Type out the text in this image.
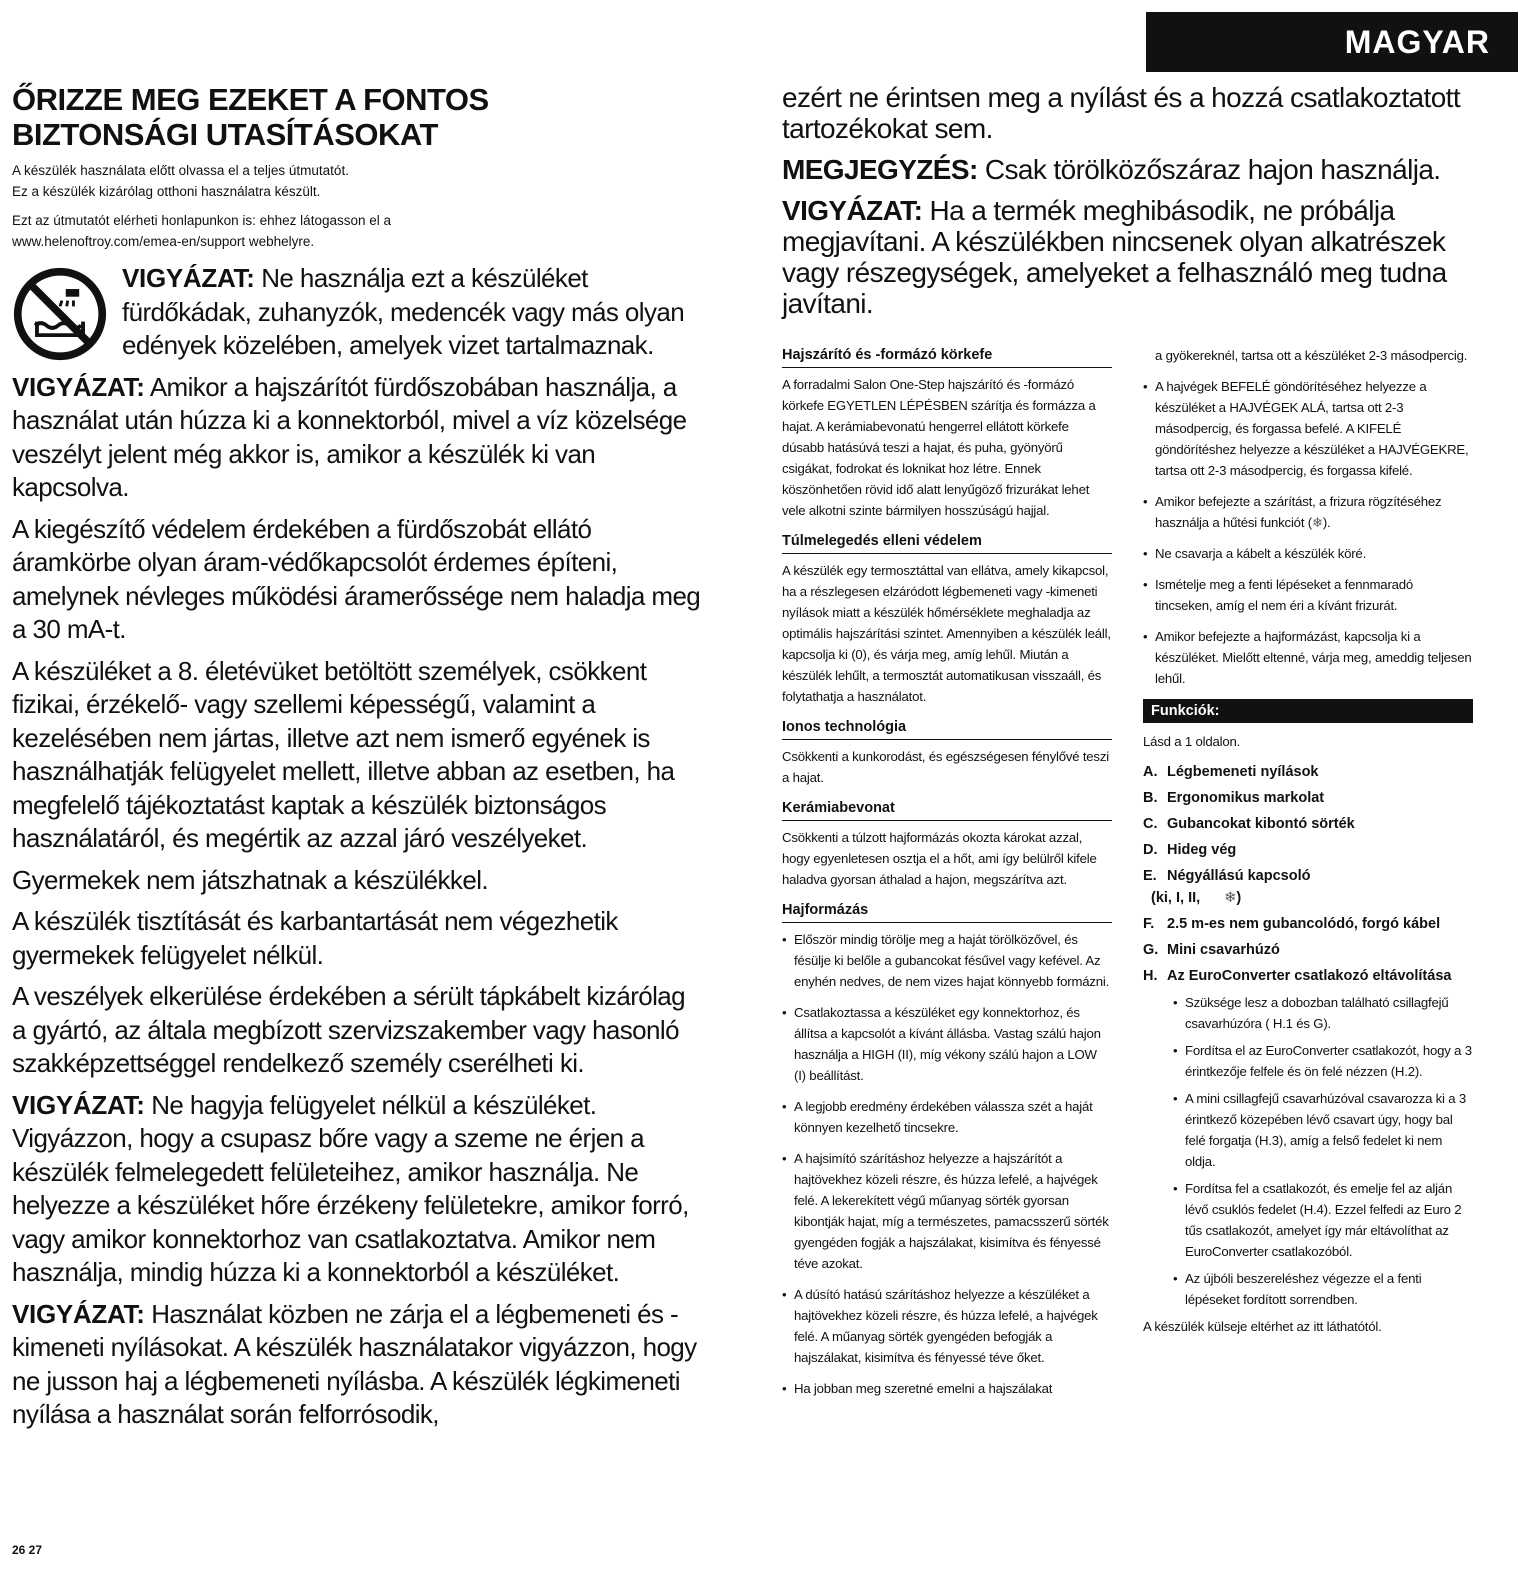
MAGYAR
ŐRIZZE MEG EZEKET A FONTOS BIZTONSÁGI UTASÍTÁSOKAT

A készülék használata előtt olvassa el a teljes útmutatót.

Ez a készülék kizárólag otthoni használatra készült.

Ezt az útmutatót elérheti honlapunkon is: ehhez látogasson el a

www.helenoftroy.com/emea-en/support webhelyre.

VIGYÁZAT: Ne használja ezt a készüléket fürdőkádak, zuhanyzók, medencék vagy más olyan edények közelében, amelyek vizet tartalmaznak.

VIGYÁZAT: Amikor a hajszárítót fürdőszobában használja, a használat után húzza ki a konnektorból, mivel a víz közelsége veszélyt jelent még akkor is, amikor a készülék ki van kapcsolva.

A kiegészítő védelem érdekében a fürdőszobát ellátó áramkörbe olyan áram-védőkapcsolót érdemes építeni, amelynek névleges működési áramerőssége nem haladja meg a 30 mA-t.

A készüléket a 8. életévüket betöltött személyek, csökkent fizikai, érzékelő- vagy szellemi képességű, valamint a kezelésében nem jártas, illetve azt nem ismerő egyének is használhatják felügyelet mellett, illetve abban az esetben, ha megfelelő tájékoztatást kaptak a készülék biztonságos használatáról, és megértik az azzal járó veszélyeket.

Gyermekek nem játszhatnak a készülékkel.

A készülék tisztítását és karbantartását nem végezhetik gyermekek felügyelet nélkül.

A veszélyek elkerülése érdekében a sérült tápkábelt kizárólag a gyártó, az általa megbízott szervizszakember vagy hasonló szakképzettséggel rendelkező személy cserélheti ki.

VIGYÁZAT: Ne hagyja felügyelet nélkül a készüléket. Vigyázzon, hogy a csupasz bőre vagy a szeme ne érjen a készülék felmelegedett felületeihez, amikor használja. Ne helyezze a készüléket hőre érzékeny felületekre, amikor forró, vagy amikor konnektorhoz van csatlakoztatva. Amikor nem használja, mindig húzza ki a konnektorból a készüléket.

VIGYÁZAT: Használat közben ne zárja el a légbemeneti és -kimeneti nyílásokat. A készülék használatakor vigyázzon, hogy ne jusson haj a légbemeneti nyílásba. A készülék légkimeneti nyílása a használat során felforrósodik,

ezért ne érintsen meg a nyílást és a hozzá csatlakoztatott tartozékokat sem.

MEGJEGYZÉS: Csak törölközőszáraz hajon használja.

VIGYÁZAT: Ha a termék meghibásodik, ne próbálja megjavítani. A készülékben nincsenek olyan alkatrészek vagy részegységek, amelyeket a felhasználó meg tudna javítani.

Hajszárító és -formázó körkefe

A forradalmi Salon One-Step hajszárító és -formázó körkefe EGYETLEN LÉPÉSBEN szárítja és formázza a hajat. A kerámiabevonatú hengerrel ellátott körkefe dúsabb hatásúvá teszi a hajat, és puha, gyönyörű csigákat, fodrokat és loknikat hoz létre. Ennek köszönhetően rövid idő alatt lenyűgöző frizurákat lehet vele alkotni szinte bármilyen hosszúságú hajjal.

Túlmelegedés elleni védelem

A készülék egy termosztáttal van ellátva, amely kikapcsol, ha a részlegesen elzáródott légbemeneti vagy -kimeneti nyílások miatt a készülék hőmérséklete meghaladja az optimális hajszárítási szintet. Amennyiben a készülék leáll, kapcsolja ki (0), és várja meg, amíg lehűl. Miután a készülék lehűlt, a termosztát automatikusan visszaáll, és folytathatja a használatot.

Ionos technológia

Csökkenti a kunkorodást, és egészségesen fénylővé teszi a hajat.

Kerámiabevonat

Csökkenti a túlzott hajformázás okozta károkat azzal, hogy egyenletesen osztja el a hőt, ami így belülről kifele haladva gyorsan áthalad a hajon, megszárítva azt.

Hajformázás
• Először mindig törölje meg a haját törölközővel, és fésülje ki belőle a gubancokat fésűvel vagy kefével. Az enyhén nedves, de nem vizes hajat könnyebb formázni.
• Csatlakoztassa a készüléket egy konnektorhoz, és állítsa a kapcsolót a kívánt állásba. Vastag szálú hajon használja a HIGH (II), míg vékony szálú hajon a LOW (I) beállítást.
• A legjobb eredmény érdekében válassza szét a haját könnyen kezelhető tincsekre.
• A hajsimító szárításhoz helyezze a hajszárítót a hajtövekhez közeli részre, és húzza lefelé, a hajvégek felé. A lekerekített végű műanyag sörték gyorsan kibontják hajat, míg a természetes, pamacsszerű sörték gyengéden fogják a hajszálakat, kisimítva és fényessé téve azokat.
• A dúsító hatású szárításhoz helyezze a készüléket a hajtövekhez közeli részre, és húzza lefelé, a hajvégek felé. A műanyag sörték gyengéden befogják a hajszálakat, kisimítva és fényessé téve őket.
• Ha jobban meg szeretné emelni a hajszálakat

a gyökereknél, tartsa ott a készüléket 2-3 másodpercig.

• A hajvégek BEFELÉ göndörítéséhez helyezze a készüléket a HAJVÉGEK ALÁ, tartsa ott 2-3 másodpercig, és forgassa befelé. A KIFELÉ göndörítéshez helyezze a készüléket a HAJVÉGEKRE, tartsa ott 2-3 másodpercig, és forgassa kifelé.
• Amikor befejezte a szárítást, a frizura rögzítéséhez használja a hűtési funkciót (❄).
• Ne csavarja a kábelt a készülék köré.
• Ismételje meg a fenti lépéseket a fennmaradó tincseken, amíg el nem éri a kívánt frizurát.
• Amikor befejezte a hajformázást, kapcsolja ki a készüléket. Mielőtt eltenné, várja meg, ameddig teljesen lehűl.
Funkciók:

Lásd a 1 oldalon.

A. Légbemeneti nyílások
B. Ergonomikus markolat
C. Gubancokat kibontó sörték
D. Hideg vég
E. Négyállású kapcsoló
(ki, I, II, ❄)
F. 2.5 m-es nem gubancolódó, forgó kábel
G. Mini csavarhúzó
H. Az EuroConverter csatlakozó eltávolítása
• Szüksége lesz a dobozban található csillagfejű csavarhúzóra ( H.1 és G).
• Fordítsa el az EuroConverter csatlakozót, hogy a 3 érintkezője felfele és ön felé nézzen (H.2).
• A mini csillagfejű csavarhúzóval csavarozza ki a 3 érintkező közepében lévő csavart úgy, hogy bal felé forgatja (H.3), amíg a felső fedelet ki nem oldja.
• Fordítsa fel a csatlakozót, és emelje fel az alján lévő csuklós fedelet (H.4). Ezzel felfedi az Euro 2 tűs csatlakozót, amelyet így már eltávolíthat az EuroConverter csatlakozóból.
• Az újbóli beszereléshez végezze el a fenti lépéseket fordított sorrendben.

A készülék külseje eltérhet az itt láthatótól.

26 27
